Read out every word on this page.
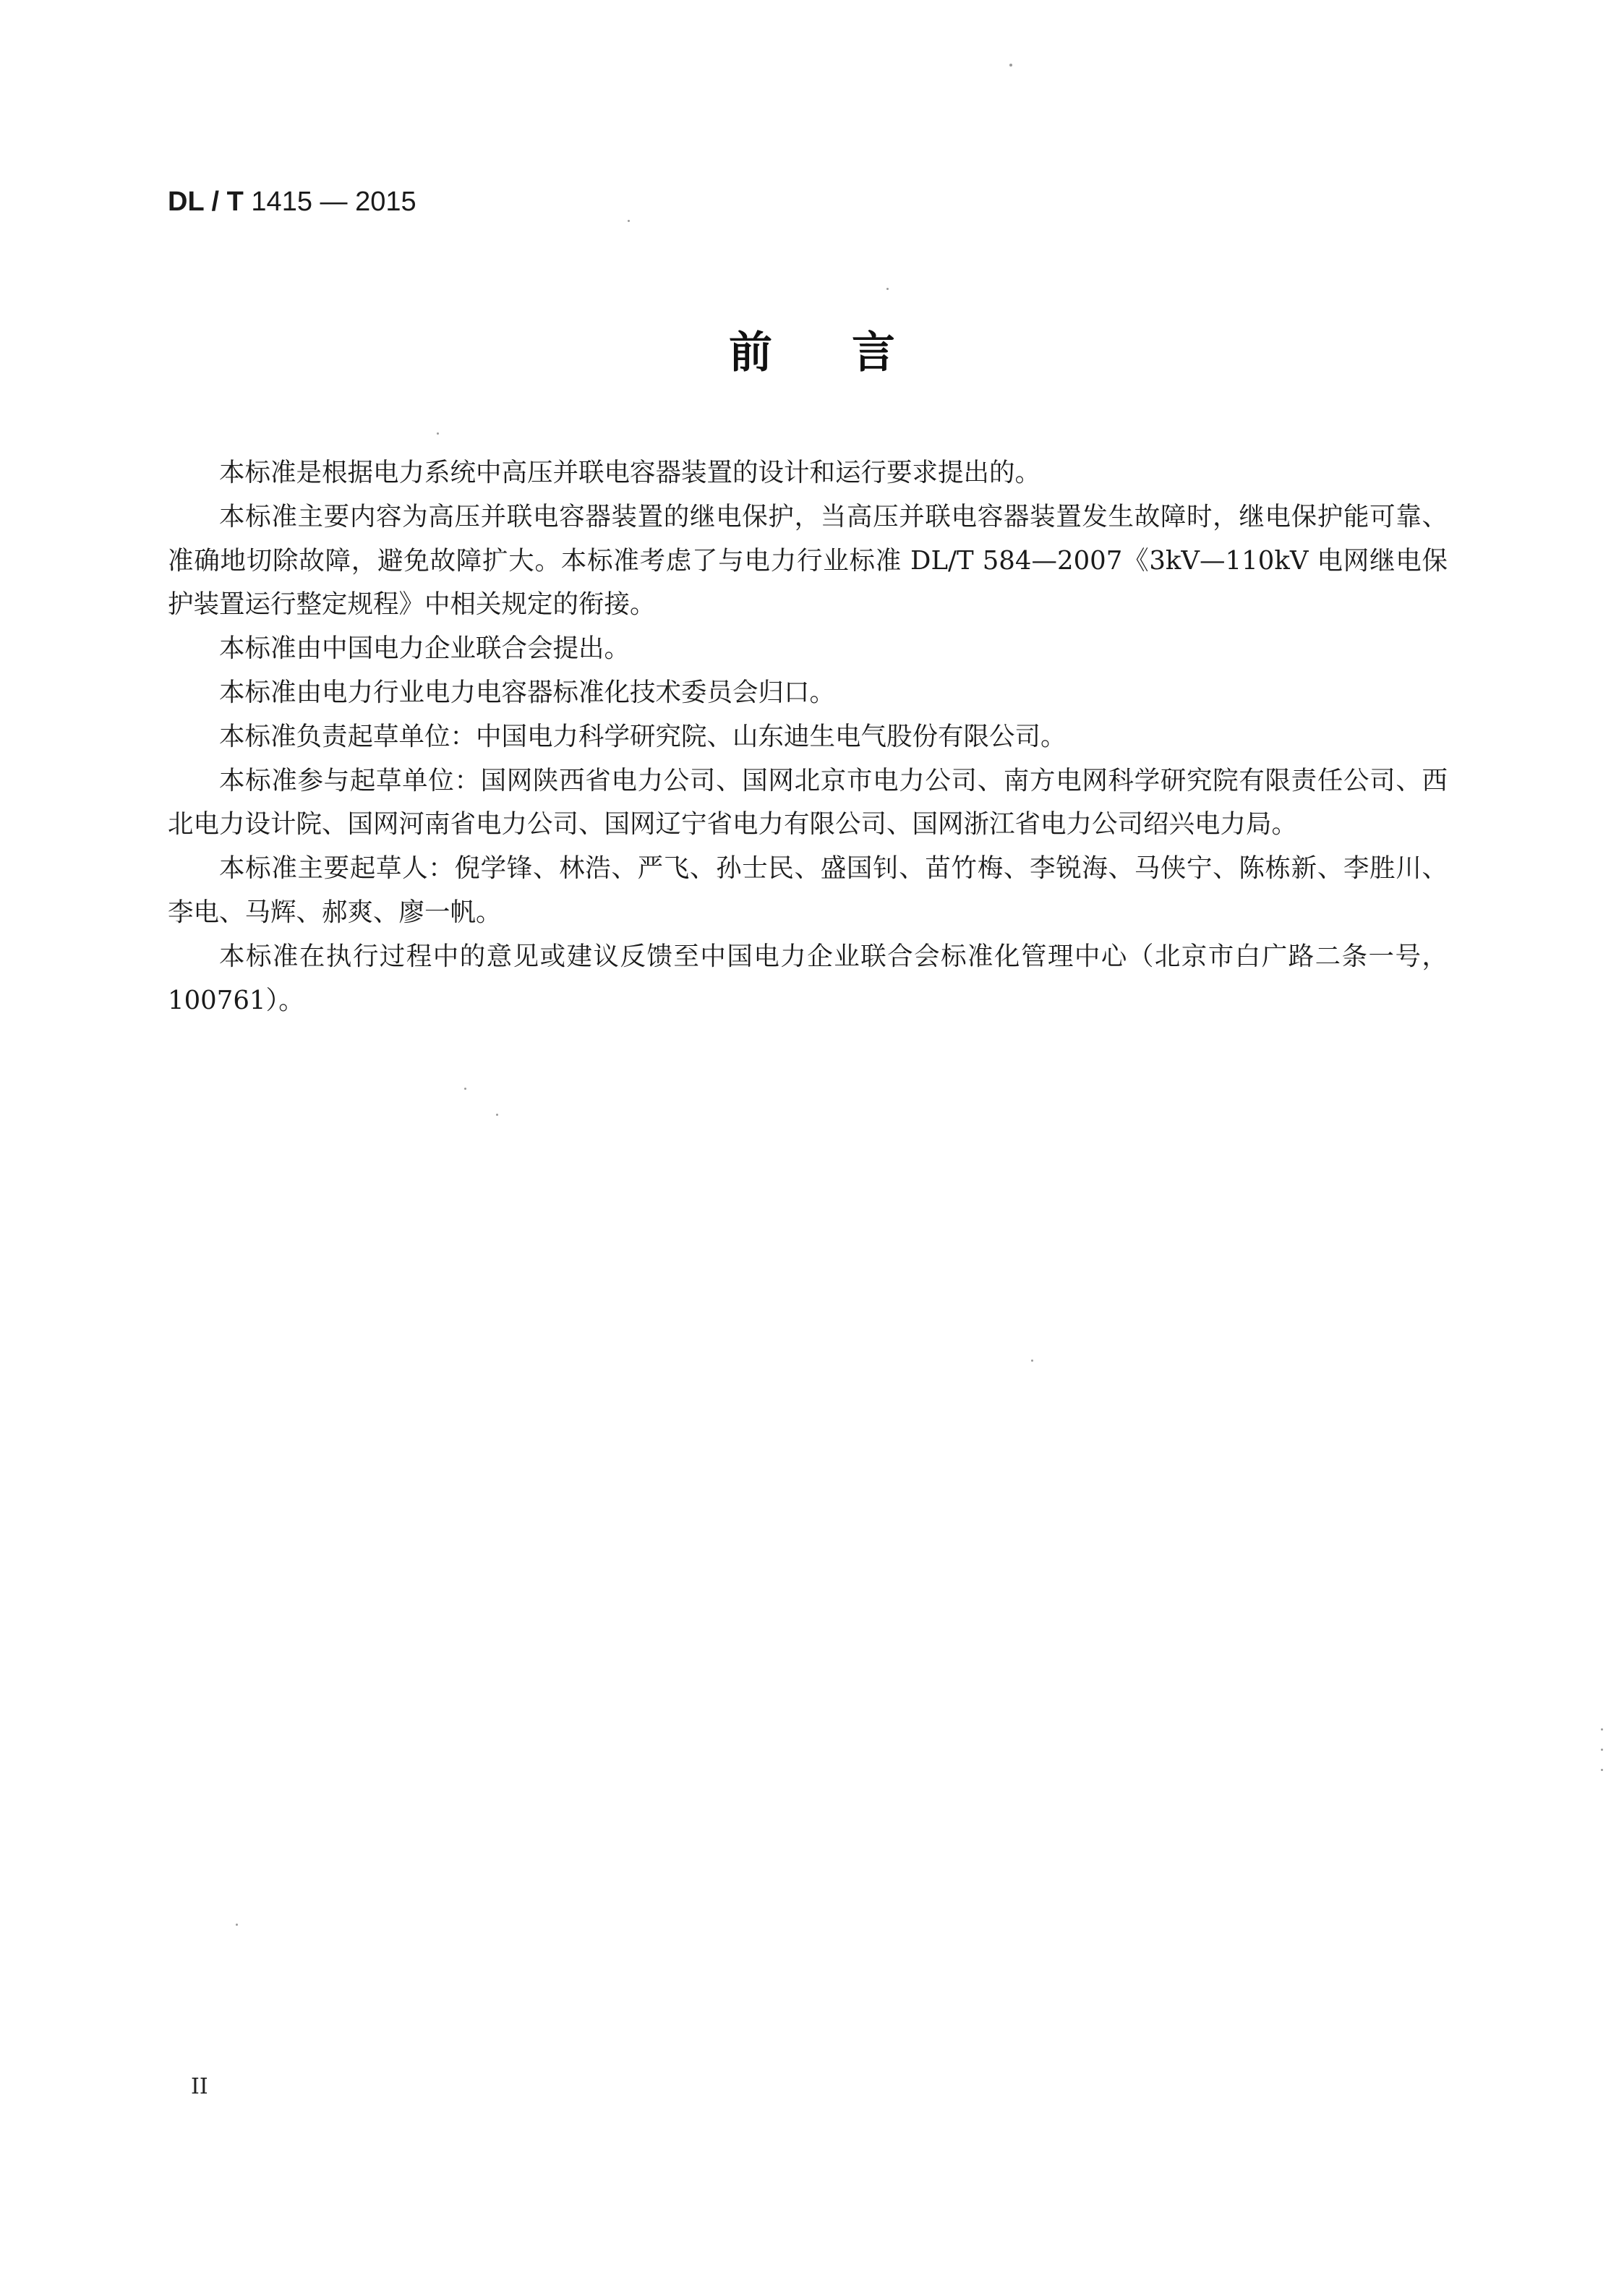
DL / T 1415 — 2015
前言

本标准是根据电力系统中高压并联电容器装置的设计和运行要求提出的。

本标准主要内容为高压并联电容器装置的继电保护，当高压并联电容器装置发生故障时，继电保护能可靠、准确地切除故障，避免故障扩大。本标准考虑了与电力行业标准 DL/T 584—2007《3kV—110kV 电网继电保护装置运行整定规程》中相关规定的衔接。

本标准由中国电力企业联合会提出。

本标准由电力行业电力电容器标准化技术委员会归口。

本标准负责起草单位：中国电力科学研究院、山东迪生电气股份有限公司。

本标准参与起草单位：国网陕西省电力公司、国网北京市电力公司、南方电网科学研究院有限责任公司、西北电力设计院、国网河南省电力公司、国网辽宁省电力有限公司、国网浙江省电力公司绍兴电力局。

本标准主要起草人：倪学锋、林浩、严飞、孙士民、盛国钊、苗竹梅、李锐海、马侠宁、陈栋新、李胜川、李电、马辉、郝爽、廖一帆。

本标准在执行过程中的意见或建议反馈至中国电力企业联合会标准化管理中心（北京市白广路二条一号，100761）。

II
